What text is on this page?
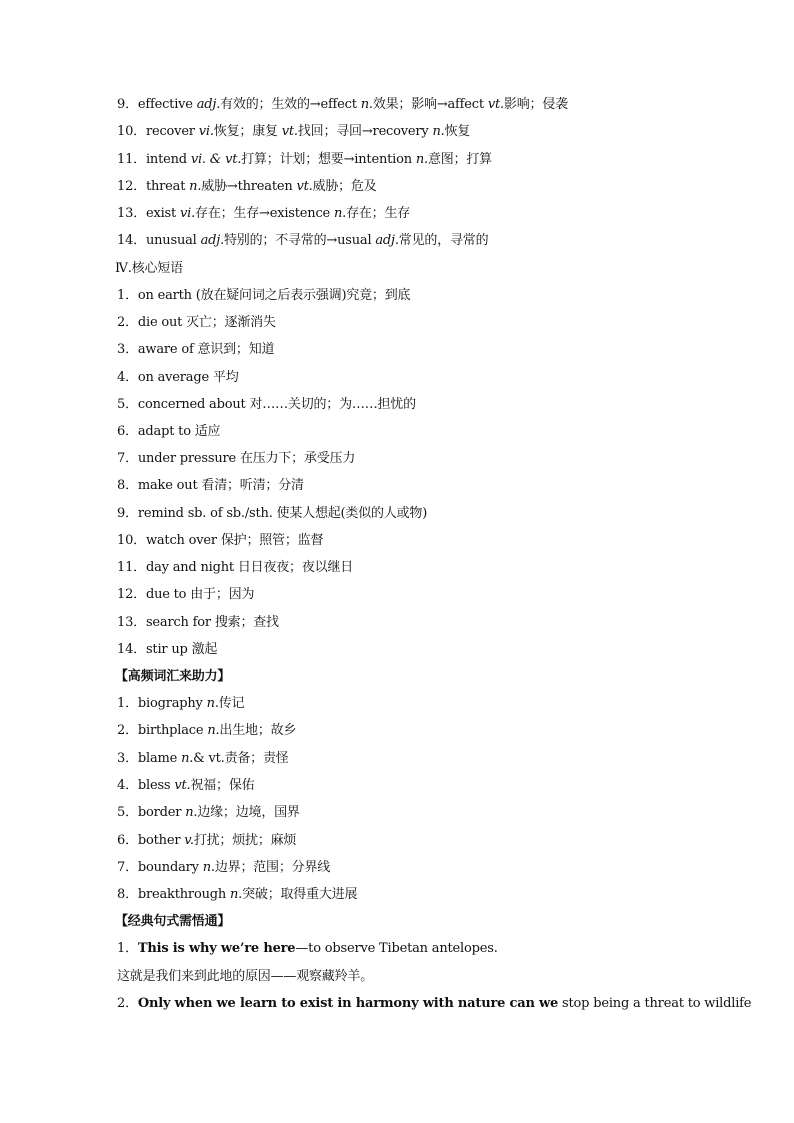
9．effective adj.有效的；生效的→effect n.效果；影响→affect vt.影响；侵袭
10．recover vi.恢复；康复 vt.找回；寻回→recovery n.恢复
11．intend vi. & vt.打算；计划；想要→intention n.意图；打算
12．threat n.威胁→threaten vt.威胁；危及
13．exist vi.存在；生存→existence n.存在；生存
14．unusual adj.特别的；不寻常的→usual adj.常见的，寻常的
Ⅳ.核心短语
1．on earth (放在疑问词之后表示强调)究竟；到底
2．die out 灭亡；逐渐消失
3．aware of 意识到；知道
4．on average 平均
5．concerned about 对……关切的；为……担忧的
6．adapt to 适应
7．under pressure 在压力下；承受压力
8．make out 看清；听清；分清
9．remind sb. of sb./sth. 使某人想起(类似的人或物)
10．watch over 保护；照管；监督
11．day and night 日日夜夜；夜以继日
12．due to 由于；因为
13．search for 搜索；查找
14．stir up 激起
【高频词汇来助力】
1．biography n.传记
2．birthplace n.出生地；故乡
3．blame n.& vt.责备；责怪
4．bless vt.祝福；保佑
5．border n.边缘；边境，国界
6．bother v.打扰；烦扰；麻烦
7．boundary n.边界；范围；分界线
8．breakthrough n.突破；取得重大进展
【经典句式需悟通】
1．This is why we’re here—to observe Tibetan antelopes.
这就是我们来到此地的原因——观察藏羚羊。
2．Only when we learn to exist in harmony with nature can we stop being a threat to wildlife
